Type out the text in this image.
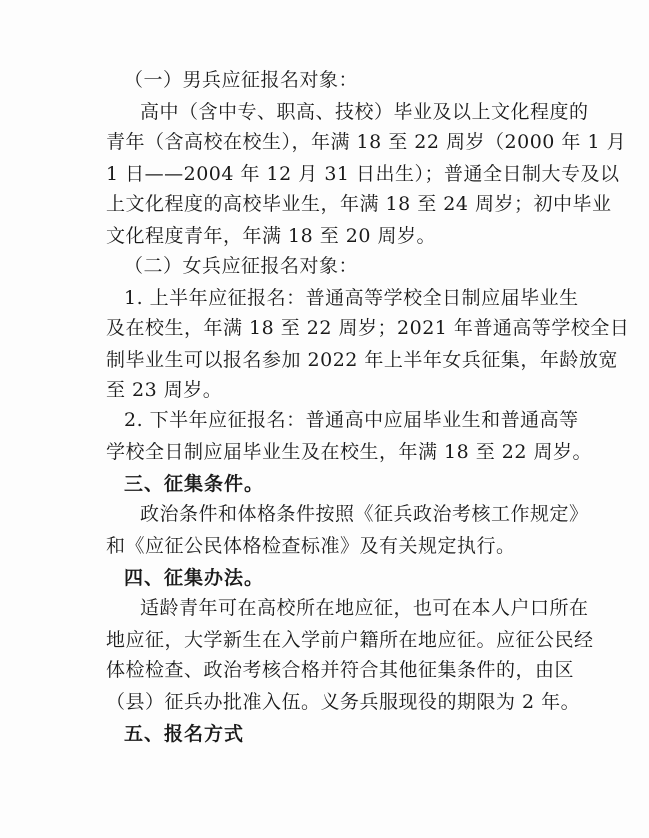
（一）男兵应征报名对象：
高中（含中专、职高、技校）毕业及以上文化程度的
青年（含高校在校生），年满 18 至 22 周岁（2000 年 1 月
1 日——2004 年 12 月 31 日出生）；普通全日制大专及以
上文化程度的高校毕业生，年满 18 至 24 周岁；初中毕业
文化程度青年，年满 18 至 20 周岁。
（二）女兵应征报名对象：
1. 上半年应征报名：普通高等学校全日制应届毕业生
及在校生，年满 18 至 22 周岁；2021 年普通高等学校全日
制毕业生可以报名参加 2022 年上半年女兵征集，年龄放宽
至 23 周岁。
2. 下半年应征报名：普通高中应届毕业生和普通高等
学校全日制应届毕业生及在校生，年满 18 至 22 周岁。
三、征集条件。
政治条件和体格条件按照《征兵政治考核工作规定》
和《应征公民体格检查标准》及有关规定执行。
四、征集办法。
适龄青年可在高校所在地应征，也可在本人户口所在
地应征，大学新生在入学前户籍所在地应征。应征公民经
体检检查、政治考核合格并符合其他征集条件的，由区
（县）征兵办批准入伍。义务兵服现役的期限为 2 年。
五、报名方式
